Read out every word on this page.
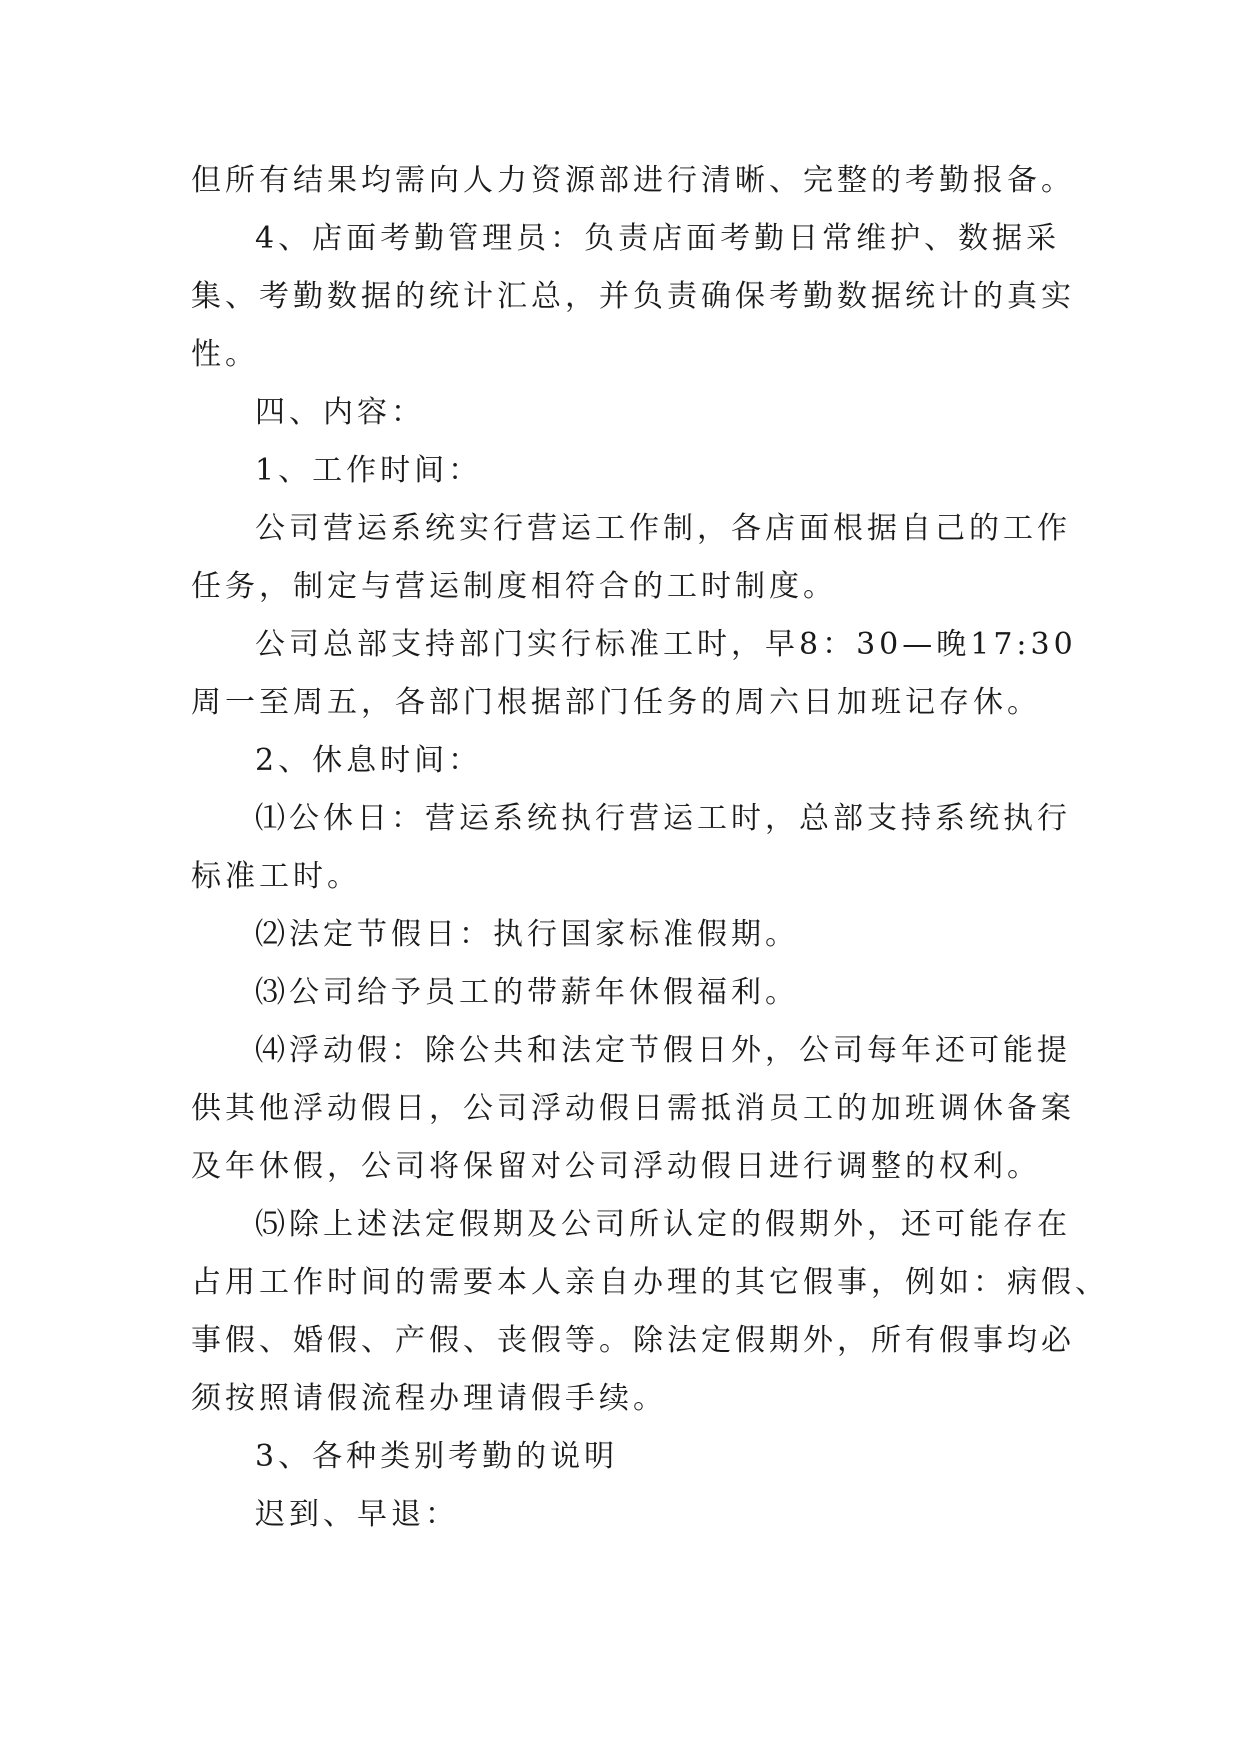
但所有结果均需向人力资源部进行清晰、完整的考勤报备。
4、店面考勤管理员：负责店面考勤日常维护、数据采
集、考勤数据的统计汇总，并负责确保考勤数据统计的真实
性。
四、内容：
1、工作时间：
公司营运系统实行营运工作制，各店面根据自己的工作
任务，制定与营运制度相符合的工时制度。
公司总部支持部门实行标准工时，早8：30—晚17:30
周一至周五，各部门根据部门任务的周六日加班记存休。
2、休息时间：
⑴公休日：营运系统执行营运工时，总部支持系统执行
标准工时。
⑵法定节假日：执行国家标准假期。
⑶公司给予员工的带薪年休假福利。
⑷浮动假：除公共和法定节假日外，公司每年还可能提
供其他浮动假日，公司浮动假日需抵消员工的加班调休备案
及年休假，公司将保留对公司浮动假日进行调整的权利。
⑸除上述法定假期及公司所认定的假期外，还可能存在
占用工作时间的需要本人亲自办理的其它假事，例如：病假、
事假、婚假、产假、丧假等。除法定假期外，所有假事均必
须按照请假流程办理请假手续。
3、各种类别考勤的说明
迟到、早退：
